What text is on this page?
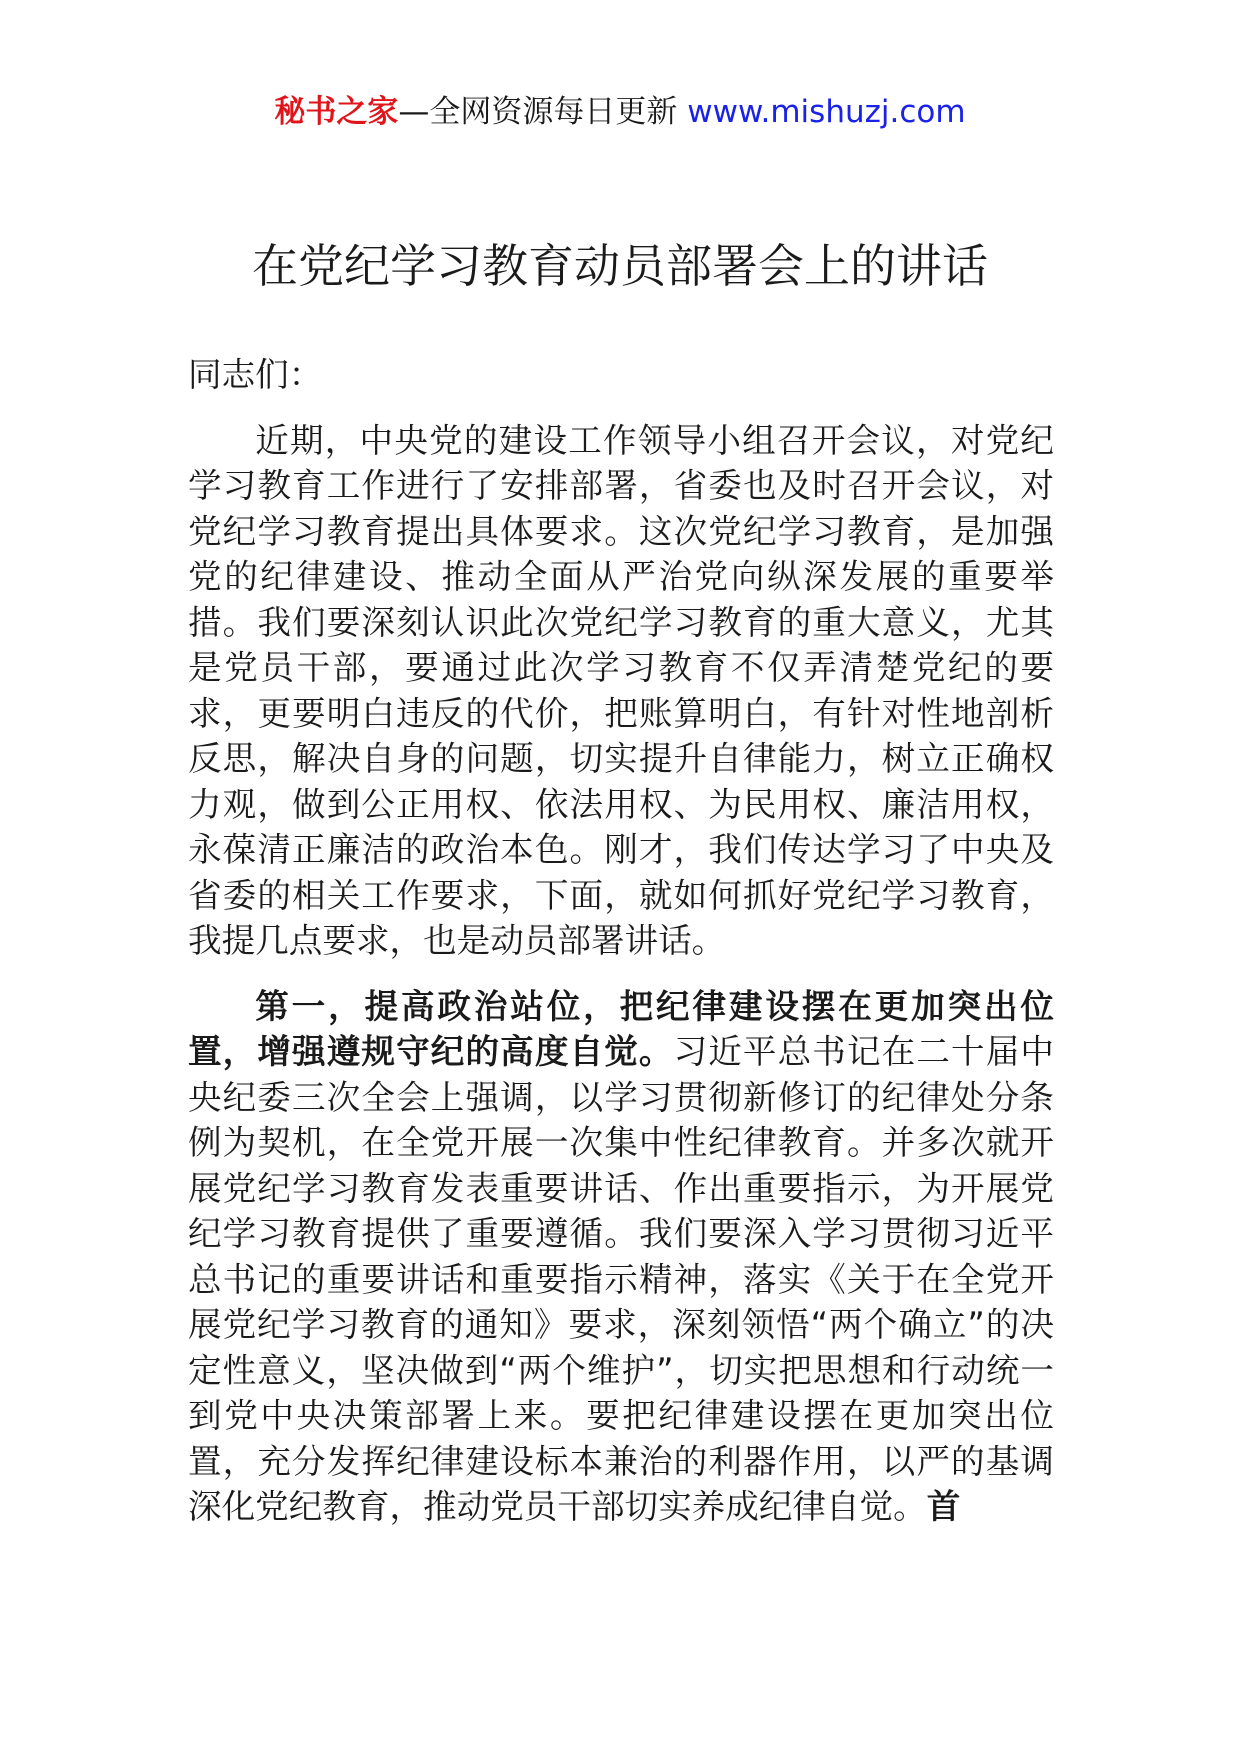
秘书之家—全网资源每日更新 www.mishuzj.com
在党纪学习教育动员部署会上的讲话

同志们：

近期，中央党的建设工作领导小组召开会议，对党纪学习教育工作进行了安排部署，省委也及时召开会议，对党纪学习教育提出具体要求。这次党纪学习教育，是加强党的纪律建设、推动全面从严治党向纵深发展的重要举措。我们要深刻认识此次党纪学习教育的重大意义，尤其是党员干部，要通过此次学习教育不仅弄清楚党纪的要求，更要明白违反的代价，把账算明白，有针对性地剖析反思，解决自身的问题，切实提升自律能力，树立正确权力观，做到公正用权、依法用权、为民用权、廉洁用权，永葆清正廉洁的政治本色。刚才，我们传达学习了中央及省委的相关工作要求，下面，就如何抓好党纪学习教育，我提几点要求，也是动员部署讲话。

第一，提高政治站位，把纪律建设摆在更加突出位置，增强遵规守纪的高度自觉。习近平总书记在二十届中央纪委三次全会上强调，以学习贯彻新修订的纪律处分条例为契机，在全党开展一次集中性纪律教育。并多次就开展党纪学习教育发表重要讲话、作出重要指示，为开展党纪学习教育提供了重要遵循。我们要深入学习贯彻习近平总书记的重要讲话和重要指示精神，落实《关于在全党开展党纪学习教育的通知》要求，深刻领悟“两个确立”的决定性意义，坚决做到“两个维护”，切实把思想和行动统一到党中央决策部署上来。要把纪律建设摆在更加突出位置，充分发挥纪律建设标本兼治的利器作用，以严的基调深化党纪教育，推动党员干部切实养成纪律自觉。首
